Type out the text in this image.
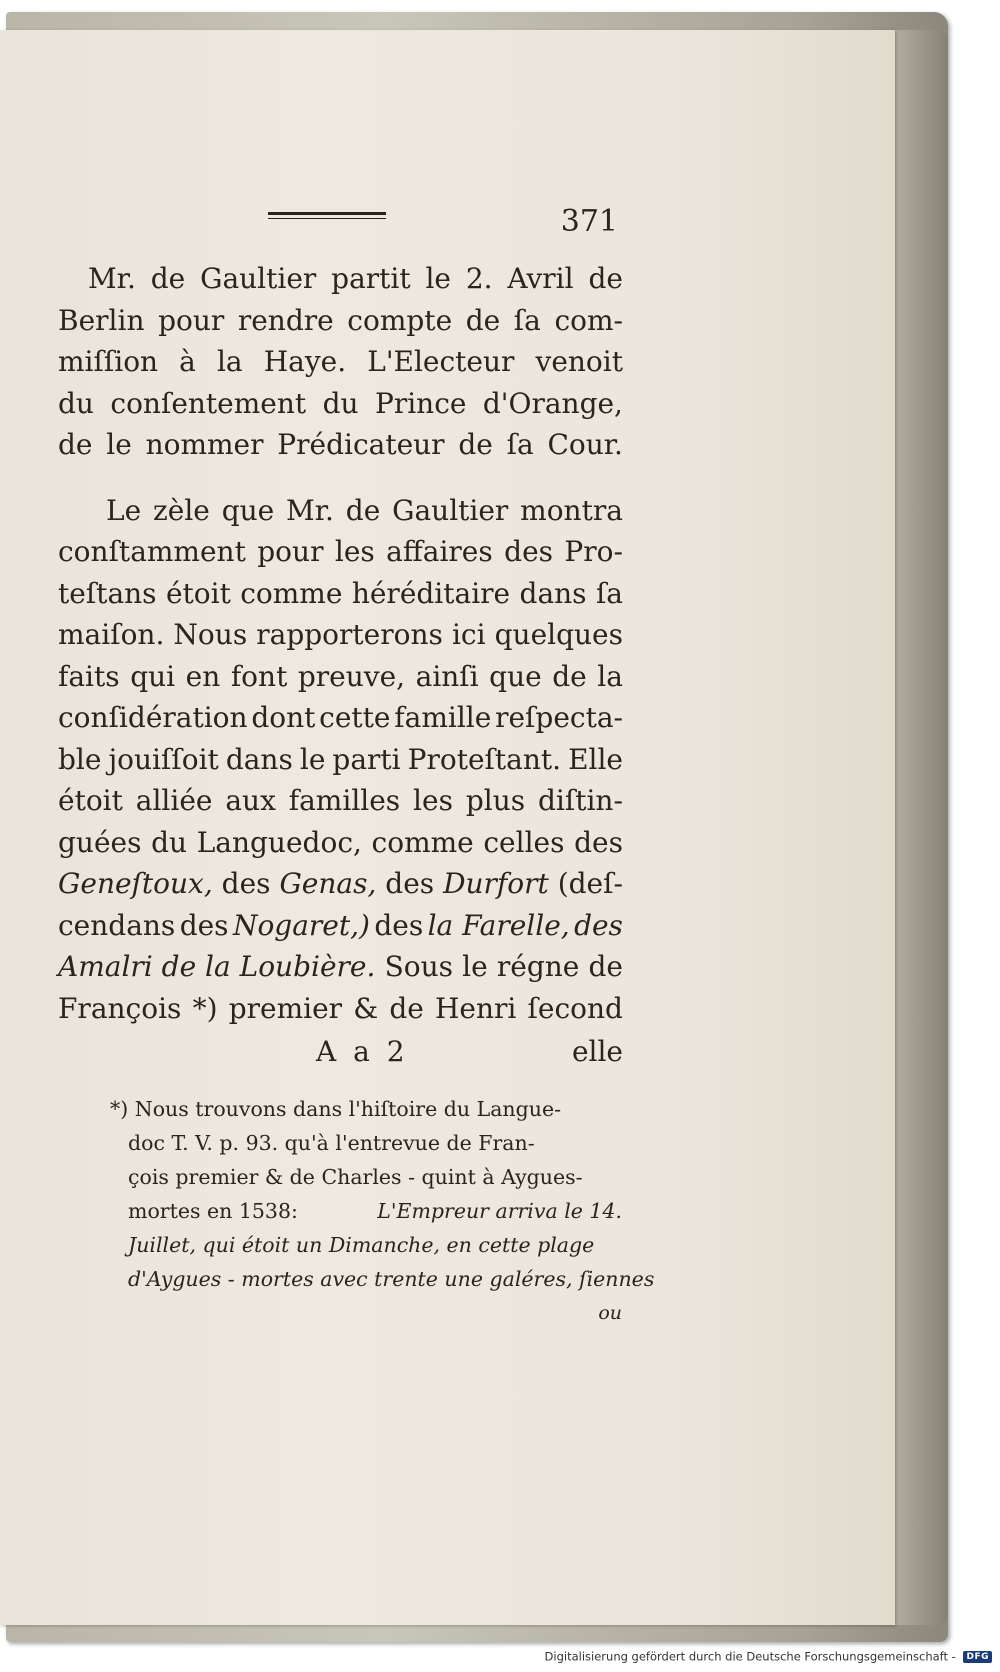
371
Mr. de Gaultier partit le 2. Avril de
Berlin pour rendre compte de ſa com-
miſſion à la Haye. L'Electeur venoit
du conſentement du Prince d'Orange,
de le nommer Prédicateur de ſa Cour.
Le zèle que Mr. de Gaultier montra
conſtamment pour les affaires des Pro-
teſtans étoit comme héréditaire dans ſa
maiſon. Nous rapporterons ici quelques
faits qui en font preuve, ainſi que de la
conſidération dont cette famille reſpecta-
ble jouiſſoit dans le parti Proteſtant. Elle
étoit alliée aux familles les plus diſtin-
guées du Languedoc, comme celles des
Geneſtoux, des Genas, des Durfort (deſ-
cendans des Nogaret,) des la Farelle, des
Amalri de la Loubière. Sous le régne de
François *) premier & de Henri ſecond
A a 2	elle
*) Nous trouvons dans l'hiſtoire du Langue-
doc T. V. p. 93. qu'à l'entrevue de Fran-
çois premier & de Charles - quint à Aygues-
mortes en 1538:	L'Empreur arriva le 14.
Juillet, qui étoit un Dimanche, en cette plage
d'Aygues - mortes avec trente une galéres, ſiennes
ou
Digitalisierung gefördert durch die Deutsche Forschungsgemeinschaft - DFG
